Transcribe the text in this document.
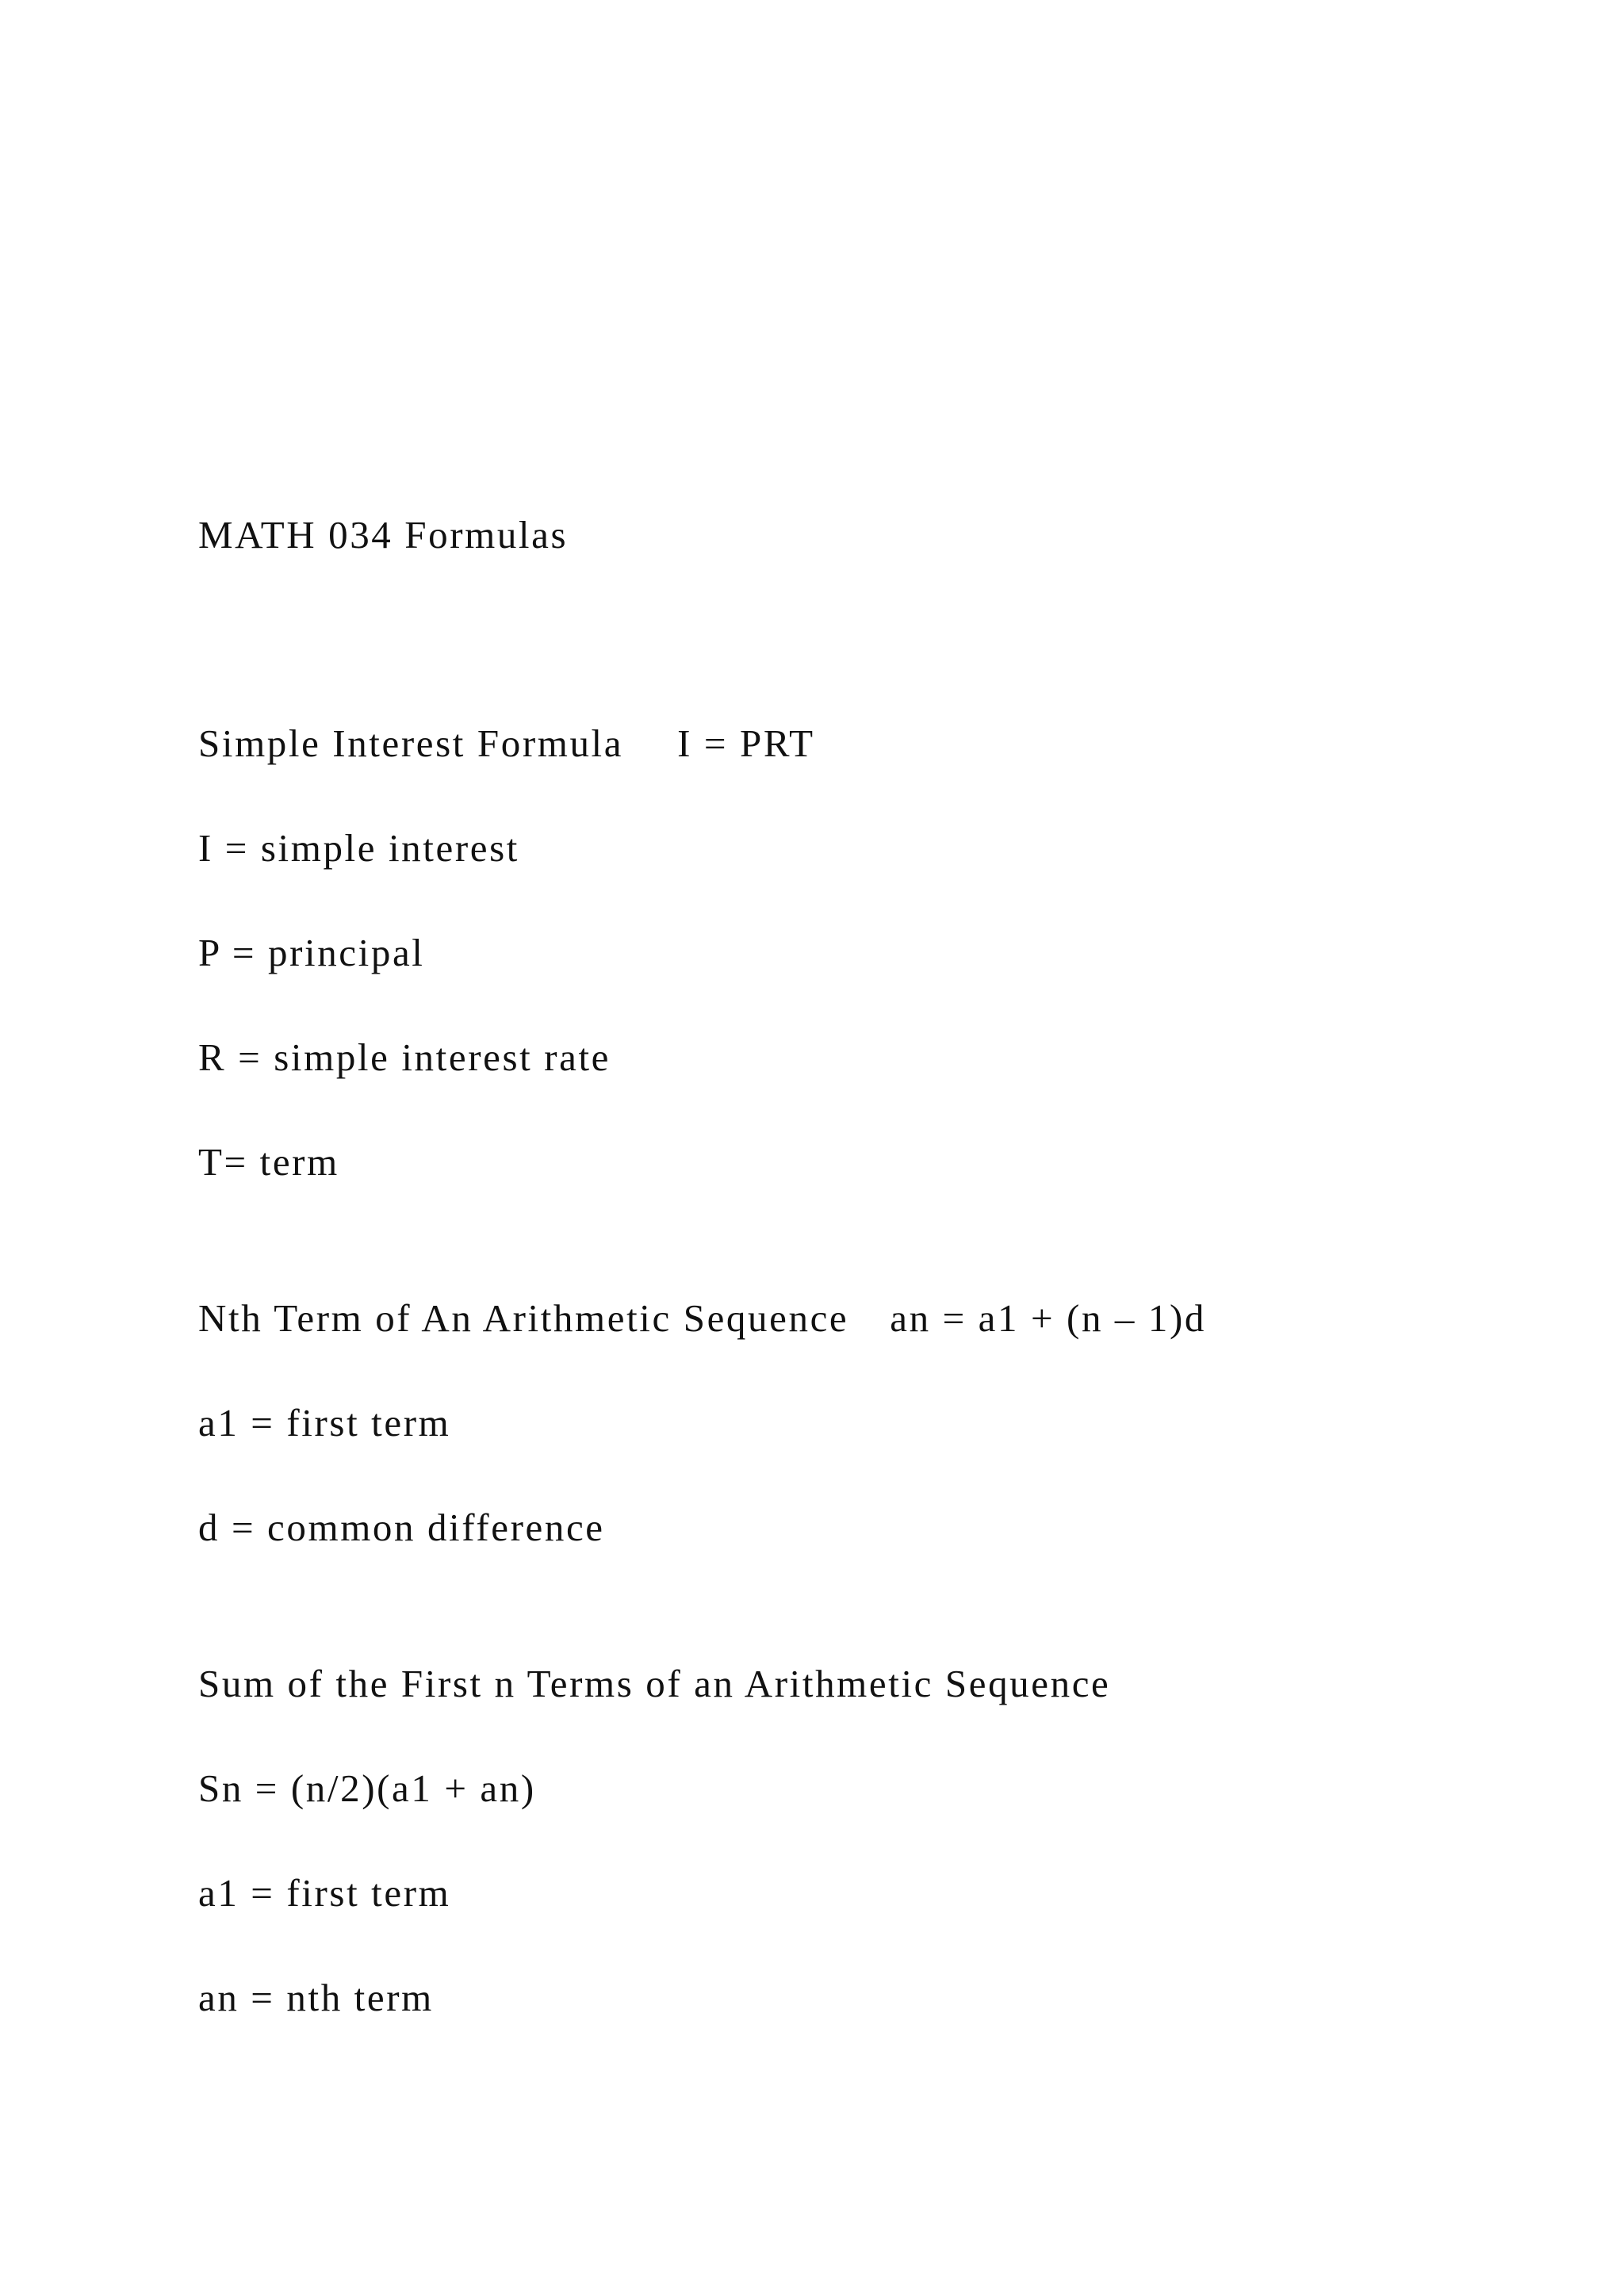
MATH 034 Formulas

Simple Interest Formula I = PRT

I = simple interest

P = principal

R = simple interest rate

T= term

Nth Term of An Arithmetic Sequence an = a1 + (n – 1)d

a1 = first term

d = common difference

Sum of the First n Terms of an Arithmetic Sequence

Sn = (n/2)(a1 + an)

a1 = first term

an = nth term
